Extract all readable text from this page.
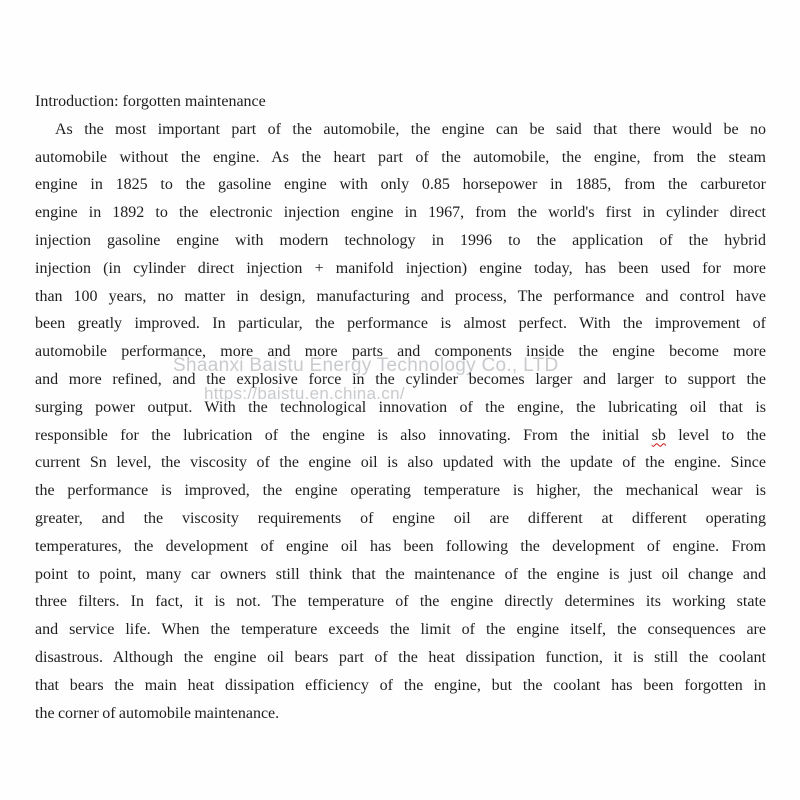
Shaanxi Baistu Energy Technology Co., LTD
https://baistu.en.china.cn/
Introduction: forgotten maintenance
As the most important part of the automobile, the engine can be said that there would be no
automobile without the engine. As the heart part of the automobile, the engine, from the steam
engine in 1825 to the gasoline engine with only 0.85 horsepower in 1885, from the carburetor
engine in 1892 to the electronic injection engine in 1967, from the world's first in cylinder direct
injection gasoline engine with modern technology in 1996 to the application of the hybrid
injection (in cylinder direct injection + manifold injection) engine today, has been used for more
than 100 years, no matter in design, manufacturing and process, The performance and control have
been greatly improved. In particular, the performance is almost perfect. With the improvement of
automobile performance, more and more parts and components inside the engine become more
and more refined, and the explosive force in the cylinder becomes larger and larger to support the
surging power output. With the technological innovation of the engine, the lubricating oil that is
responsible for the lubrication of the engine is also innovating. From the initial sb level to the
current Sn level, the viscosity of the engine oil is also updated with the update of the engine. Since
the performance is improved, the engine operating temperature is higher, the mechanical wear is
greater, and the viscosity requirements of engine oil are different at different operating
temperatures, the development of engine oil has been following the development of engine. From
point to point, many car owners still think that the maintenance of the engine is just oil change and
three filters. In fact, it is not. The temperature of the engine directly determines its working state
and service life. When the temperature exceeds the limit of the engine itself, the consequences are
disastrous. Although the engine oil bears part of the heat dissipation function, it is still the coolant
that bears the main heat dissipation efficiency of the engine, but the coolant has been forgotten in
the corner of automobile maintenance.
